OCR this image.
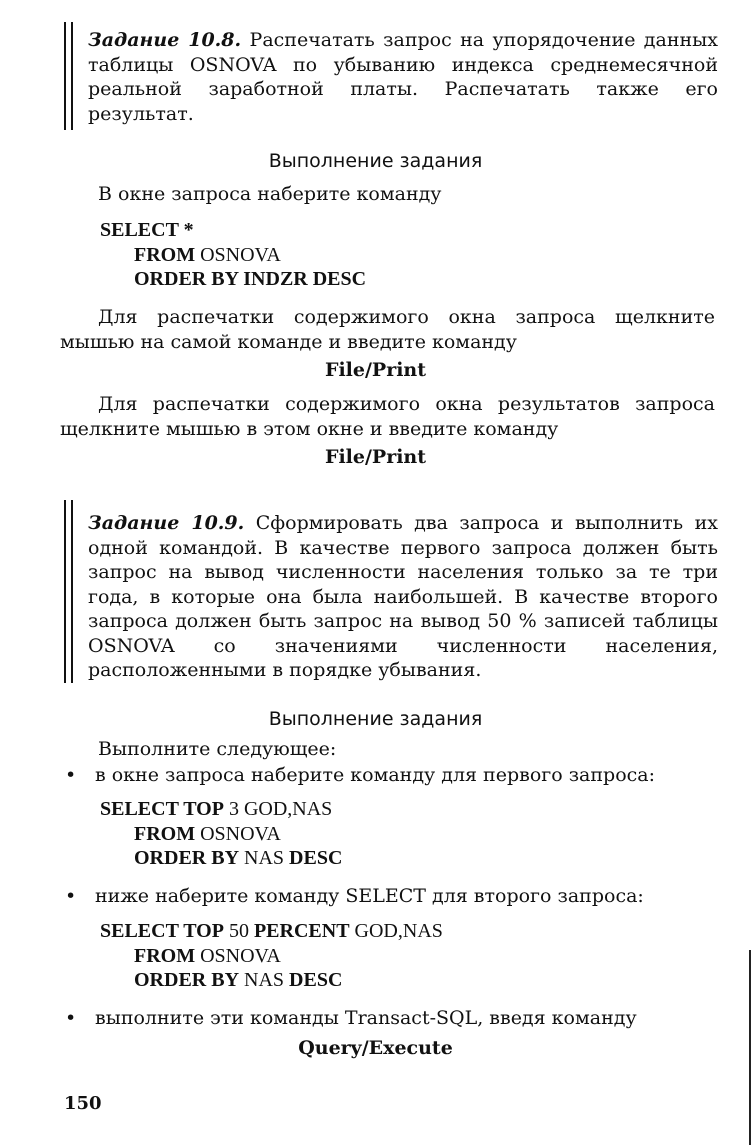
Задание 10.8. Распечатать запрос на упорядочение данных таблицы OSNOVA по убыванию индекса среднемесячной реальной заработной платы. Распечатать также его результат.
Выполнение задания
В окне запроса наберите команду
SELECT *
FROM OSNOVA
ORDER BY INDZR DESC
Для распечатки содержимого окна запроса щелкните мышью на самой команде и введите команду
File/Print
Для распечатки содержимого окна результатов запроса щелкните мышью в этом окне и введите команду
File/Print
Задание 10.9. Сформировать два запроса и выполнить их одной командой. В качестве первого запроса должен быть запрос на вывод численности населения только за те три года, в которые она была наибольшей. В качестве второго запроса должен быть запрос на вывод 50 % записей таблицы OSNOVA со значениями численности населения, расположенными в порядке убывания.
Выполнение задания
Выполните следующее:
• в окне запроса наберите команду для первого запроса:
SELECT TOP 3 GOD,NAS
FROM OSNOVA
ORDER BY NAS DESC
• ниже наберите команду SELECT для второго запроса:
SELECT TOP 50 PERCENT GOD,NAS
FROM OSNOVA
ORDER BY NAS DESC
• выполните эти команды Transact-SQL, введя команду
Query/Execute
150
